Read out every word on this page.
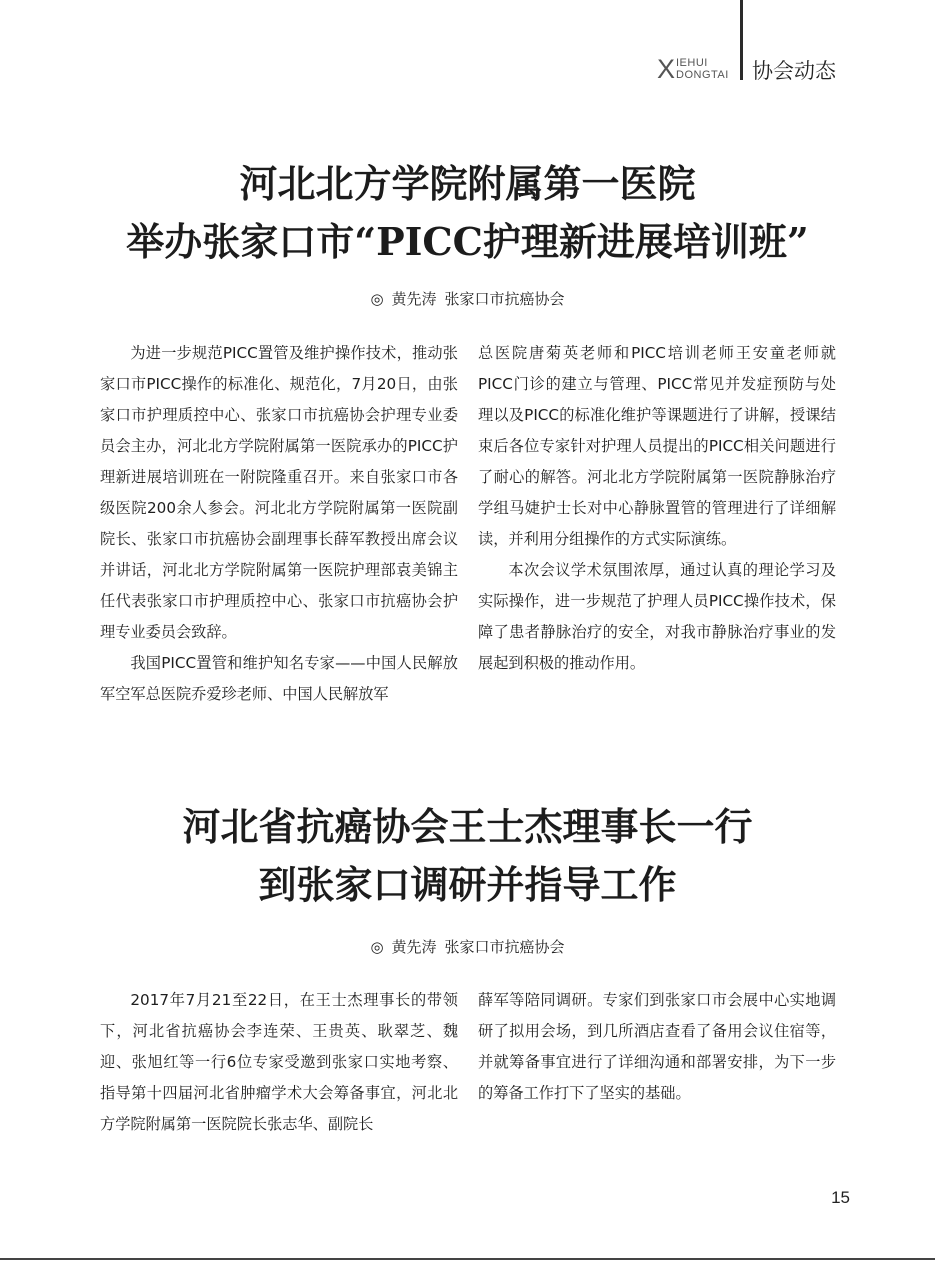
X IEHUI
DONGTAI 协会动态
河北北方学院附属第一医院
举办张家口市“PICC护理新进展培训班”
◎ 黄先涛 张家口市抗癌协会

为进一步规范PICC置管及维护操作技术，推动张家口市PICC操作的标准化、规范化，7月20日，由张家口市护理质控中心、张家口市抗癌协会护理专业委员会主办，河北北方学院附属第一医院承办的PICC护理新进展培训班在一附院隆重召开。来自张家口市各级医院200余人参会。河北北方学院附属第一医院副院长、张家口市抗癌协会副理事长薛军教授出席会议并讲话，河北北方学院附属第一医院护理部袁美锦主任代表张家口市护理质控中心、张家口市抗癌协会护理专业委员会致辞。

我国PICC置管和维护知名专家——中国人民解放军空军总医院乔爱珍老师、中国人民解放军

总医院唐菊英老师和PICC培训老师王安童老师就PICC门诊的建立与管理、PICC常见并发症预防与处理以及PICC的标准化维护等课题进行了讲解，授课结束后各位专家针对护理人员提出的PICC相关问题进行了耐心的解答。河北北方学院附属第一医院静脉治疗学组马婕护士长对中心静脉置管的管理进行了详细解读，并利用分组操作的方式实际演练。

本次会议学术氛围浓厚，通过认真的理论学习及实际操作，进一步规范了护理人员PICC操作技术，保障了患者静脉治疗的安全，对我市静脉治疗事业的发展起到积极的推动作用。

河北省抗癌协会王士杰理事长一行
到张家口调研并指导工作
◎ 黄先涛 张家口市抗癌协会

2017年7月21至22日，在王士杰理事长的带领下，河北省抗癌协会李连荣、王贵英、耿翠芝、魏迎、张旭红等一行6位专家受邀到张家口实地考察、指导第十四届河北省肿瘤学术大会筹备事宜，河北北方学院附属第一医院院长张志华、副院长

薛军等陪同调研。专家们到张家口市会展中心实地调研了拟用会场，到几所酒店查看了备用会议住宿等，并就筹备事宜进行了详细沟通和部署安排，为下一步的筹备工作打下了坚实的基础。

15
